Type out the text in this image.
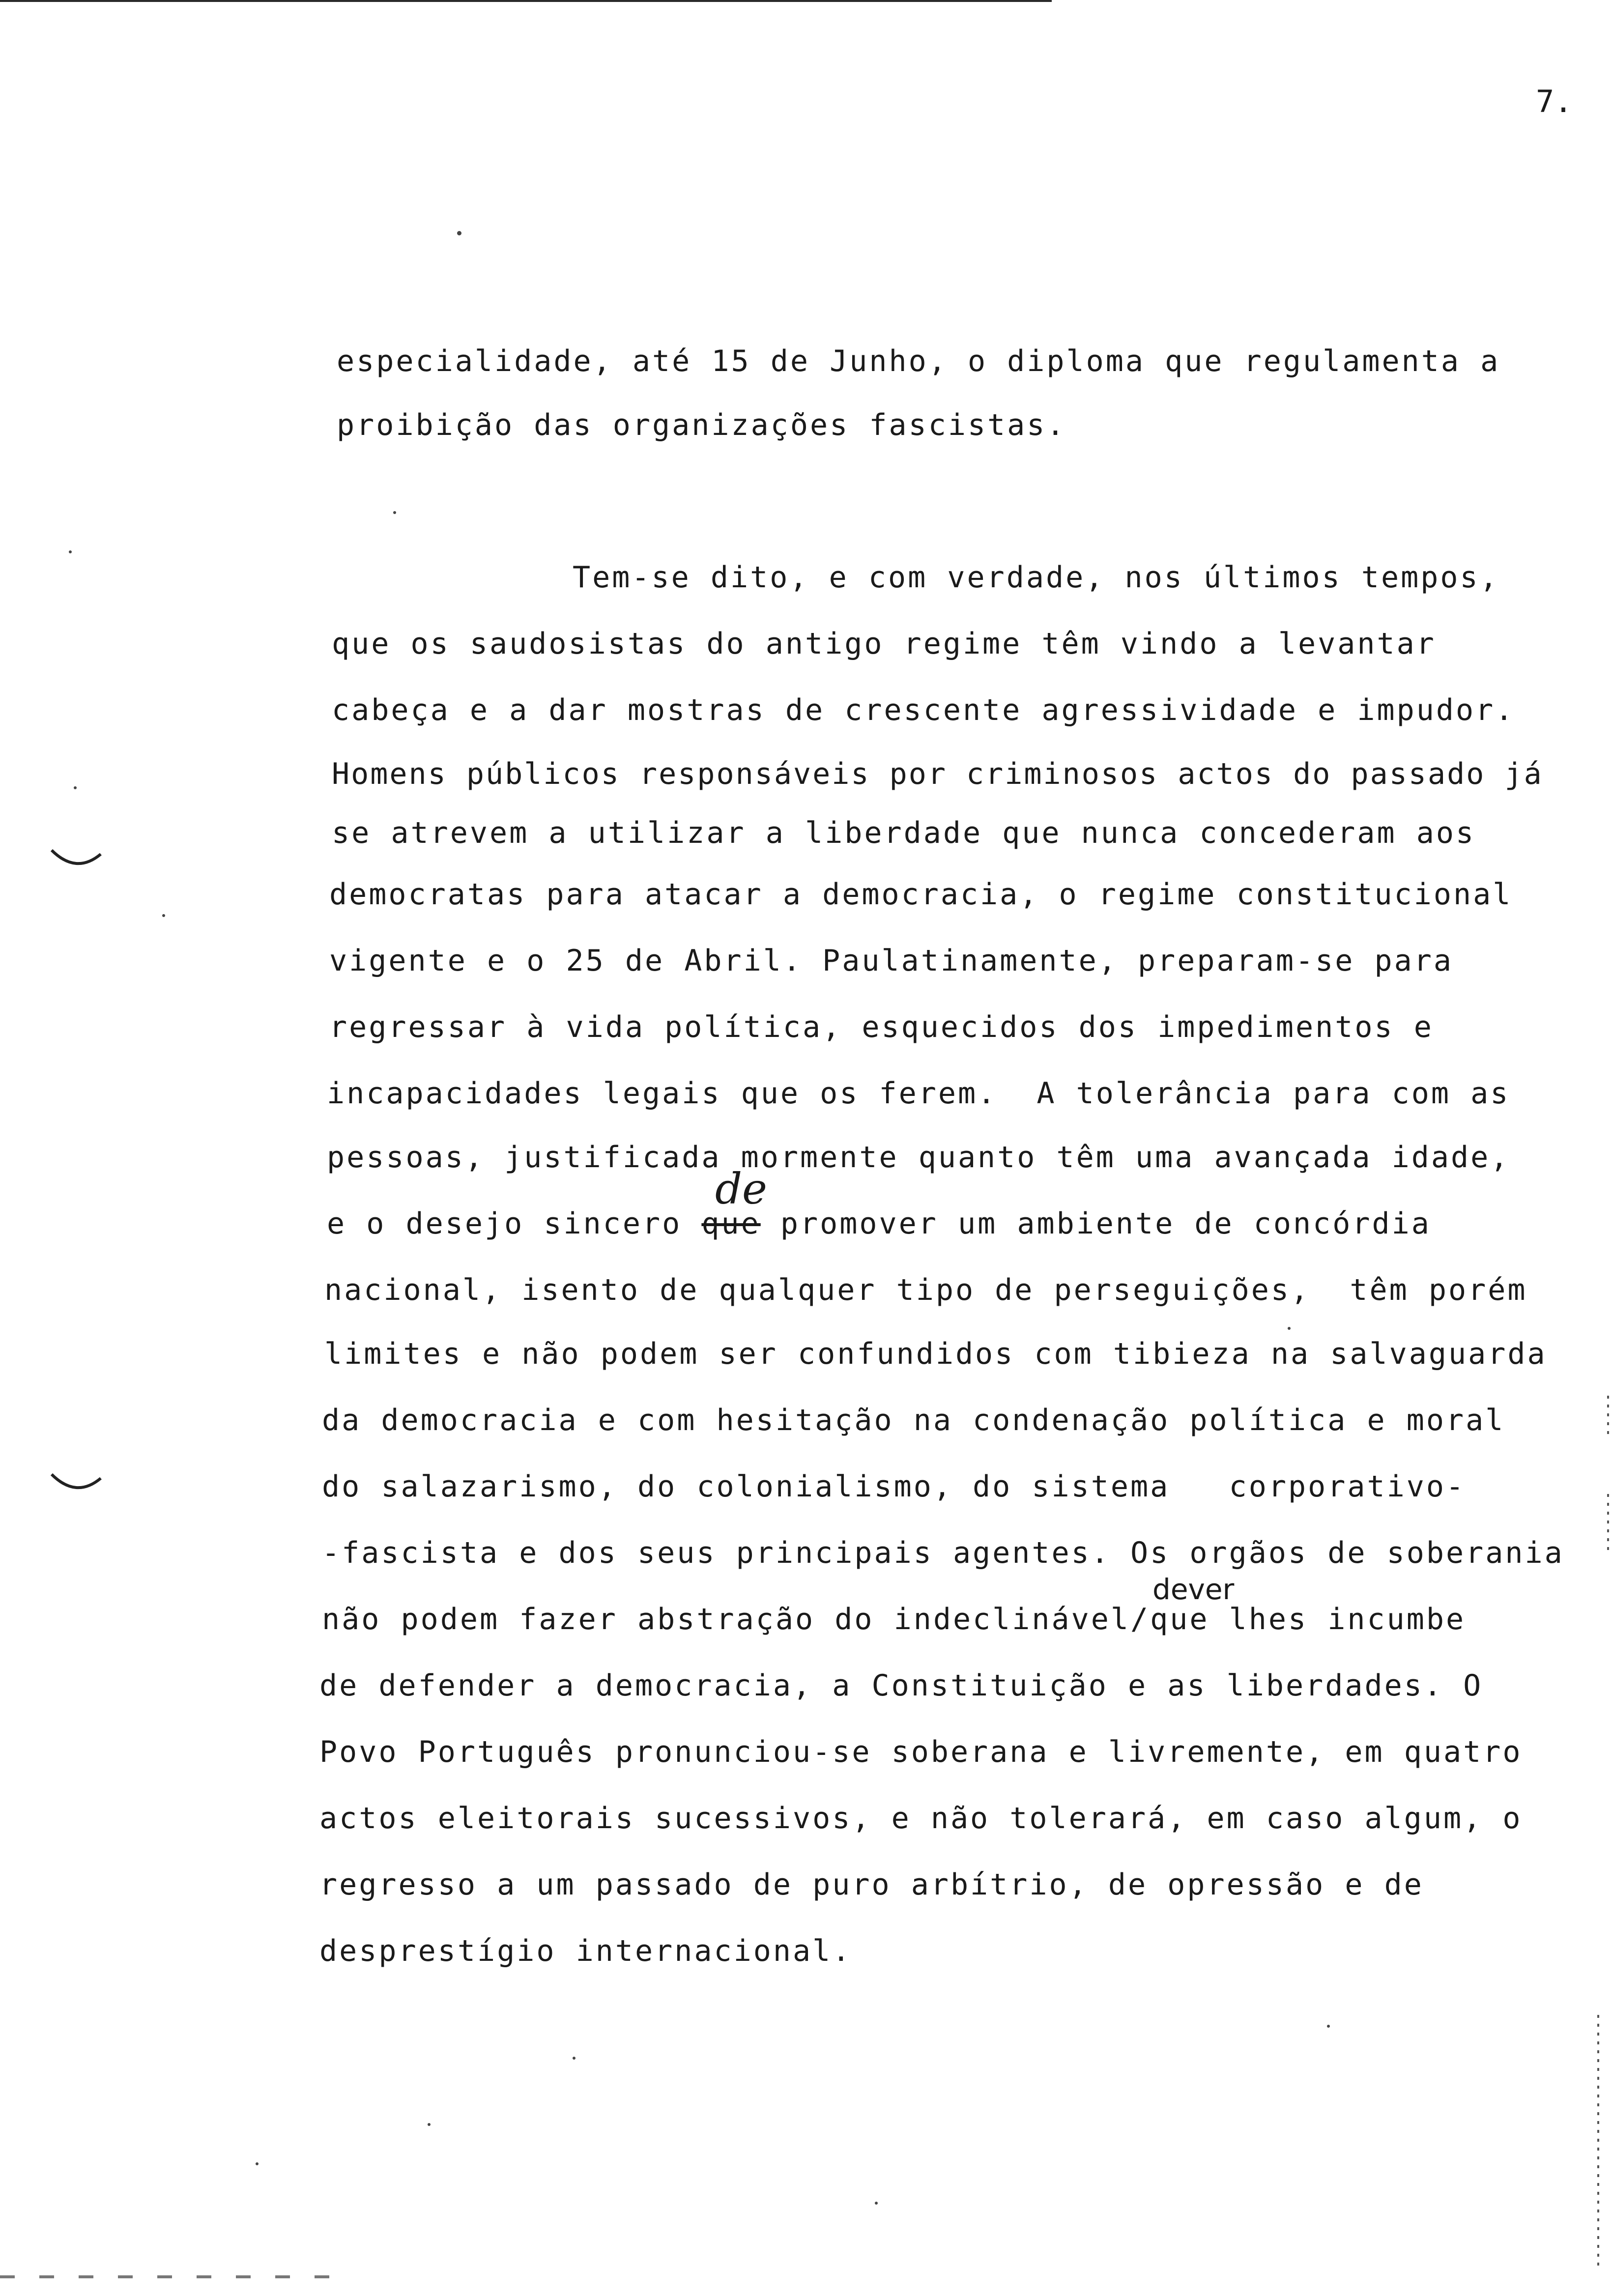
7.
especialidade, até 15 de Junho, o diploma que regulamenta a
proibição das organizações fascistas.
Tem-se dito, e com verdade, nos últimos tempos,
que os saudosistas do antigo regime têm vindo a levantar
cabeça e a dar mostras de crescente agressividade e impudor.
Homens públicos responsáveis por criminosos actos do passado já
se atrevem a utilizar a liberdade que nunca concederam aos
democratas para atacar a democracia, o regime constitucional
vigente e o 25 de Abril. Paulatinamente, preparam-se para
regressar à vida política, esquecidos dos impedimentos e
incapacidades legais que os ferem.  A tolerância para com as
pessoas, justificada mormente quanto têm uma avançada idade,
de
e o desejo sincero que promover um ambiente de concórdia
nacional, isento de qualquer tipo de perseguições,  têm porém
limites e não podem ser confundidos com tibieza na salvaguarda
da democracia e com hesitação na condenação política e moral
do salazarismo, do colonialismo, do sistema   corporativo-
-fascista e dos seus principais agentes. Os orgãos de soberania
dever
não podem fazer abstração do indeclinável/que lhes incumbe
de defender a democracia, a Constituição e as liberdades. O
Povo Português pronunciou-se soberana e livremente, em quatro
actos eleitorais sucessivos, e não tolerará, em caso algum, o
regresso a um passado de puro arbítrio, de opressão e de
desprestígio internacional.
